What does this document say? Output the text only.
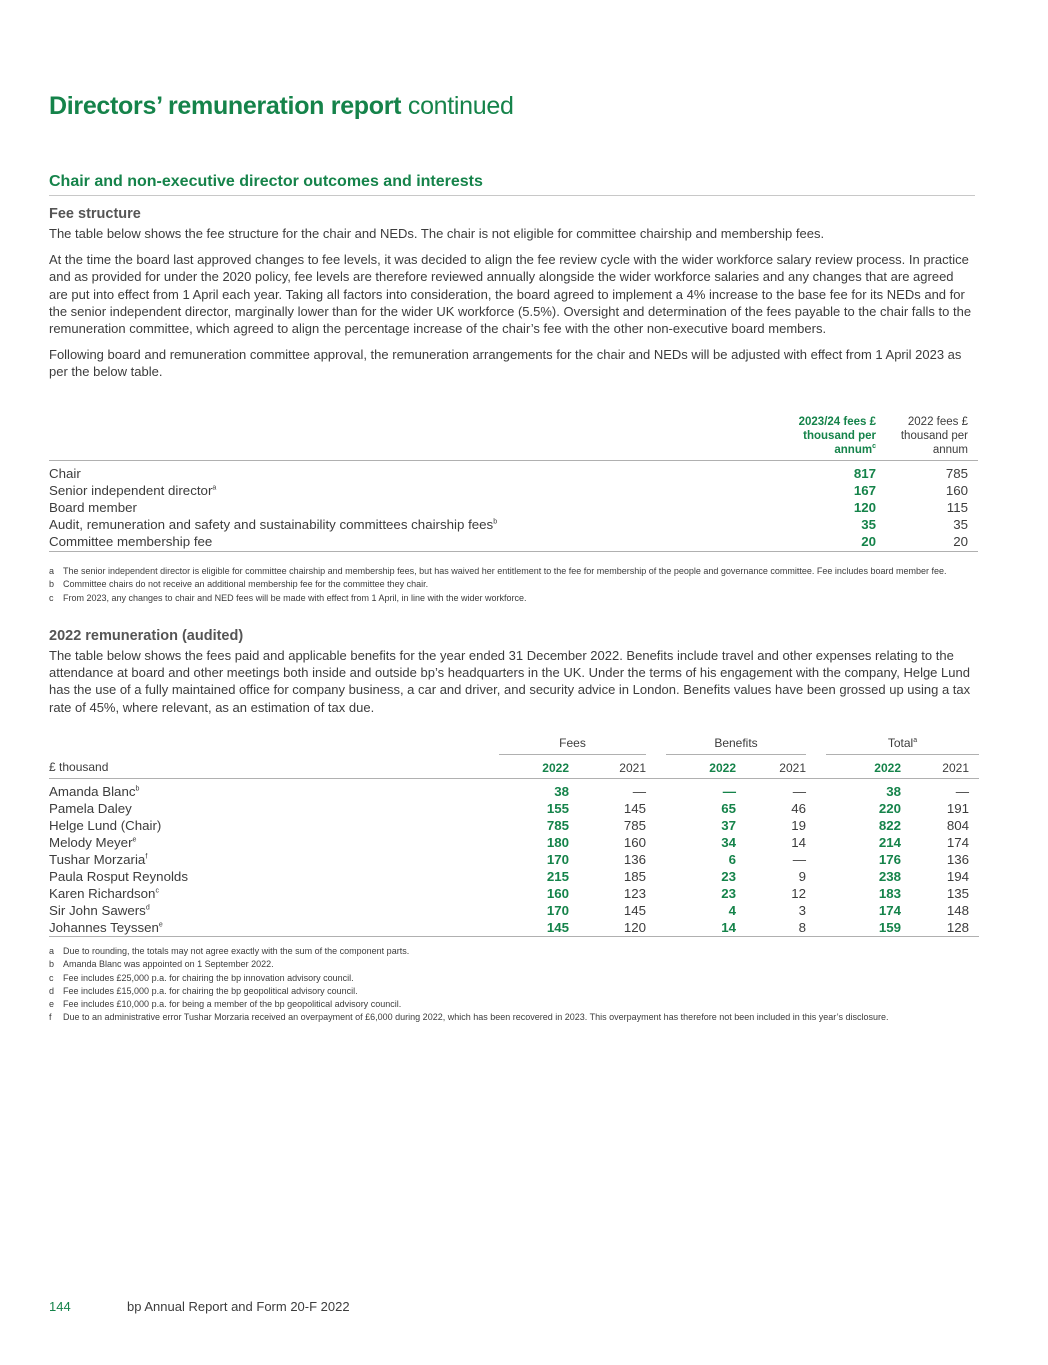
Directors’ remuneration report continued
Chair and non-executive director outcomes and interests
Fee structure

The table below shows the fee structure for the chair and NEDs. The chair is not eligible for committee chairship and membership fees.

At the time the board last approved changes to fee levels, it was decided to align the fee review cycle with the wider workforce salary review process. In practice and as provided for under the 2020 policy, fee levels are therefore reviewed annually alongside the wider workforce salaries and any changes that are agreed are put into effect from 1 April each year. Taking all factors into consideration, the board agreed to implement a 4% increase to the base fee for its NEDs and for the senior independent director, marginally lower than for the wider UK workforce (5.5%). Oversight and determination of the fees payable to the chair falls to the remuneration committee, which agreed to align the percentage increase of the chair’s fee with the other non-executive board members.

Following board and remuneration committee approval, the remuneration arrangements for the chair and NEDs will be adjusted with effect from 1 April 2023 as per the below table.

	2023/24 fees £
thousand per
annum$^c$	2022 fees £
thousand per
annum
Chair	817	785
Senior independent director$^a$	167	160
Board member	120	115
Audit, remuneration and safety and sustainability committees chairship fees$^b$	35	35
Committee membership fee	20	20
a The senior independent director is eligible for committee chairship and membership fees, but has waived her entitlement to the fee for membership of the people and governance committee. Fee includes board member fee.
b Committee chairs do not receive an additional membership fee for the committee they chair.
c	From 2023, any changes to chair and NED fees will be made with effect from 1 April, in line with the wider workforce.
2022 remuneration (audited)

The table below shows the fees paid and applicable benefits for the year ended 31 December 2022. Benefits include travel and other expenses relating to the attendance at board and other meetings both inside and outside bp’s headquarters in the UK. Under the terms of his engagement with the company, Helge Lund has the use of a fully maintained office for company business, a car and driver, and security advice in London. Benefits values have been grossed up using a tax rate of 45%, where relevant, as an estimation of tax due.

	Fees		Benefits		Total$^a$

£ thousand	2022	2021	2022	2021	2022	2021
Amanda Blanc$^b$	38	—	—	—	38	—
Pamela Daley	155	145	65	46	220	191
Helge Lund (Chair)	785	785	37	19	822	804
Melody Meyer$^e$	180	160	34	14	214	174
Tushar Morzaria$^f$	170	136	6	—	176	136
Paula Rosput Reynolds	215	185	23	9	238	194
Karen Richardson$^c$	160	123	23	12	183	135
Sir John Sawers$^d$	170	145	4	3	174	148
Johannes Teyssen$^e$	145	120	14	8	159	128
a Due to rounding, the totals may not agree exactly with the sum of the component parts.
b Amanda Blanc was appointed on 1 September 2022.
c	Fee includes £25,000 p.a. for chairing the bp innovation advisory council.
d Fee includes £15,000 p.a. for chairing the bp geopolitical advisory council.
e Fee includes £10,000 p.a. for being a member of the bp geopolitical advisory council.
f	Due to an administrative error Tushar Morzaria received an overpayment of £6,000 during 2022, which has been recovered in 2023. This overpayment has therefore not been included in this year’s disclosure.
144	bp Annual Report and Form 20-F 2022
